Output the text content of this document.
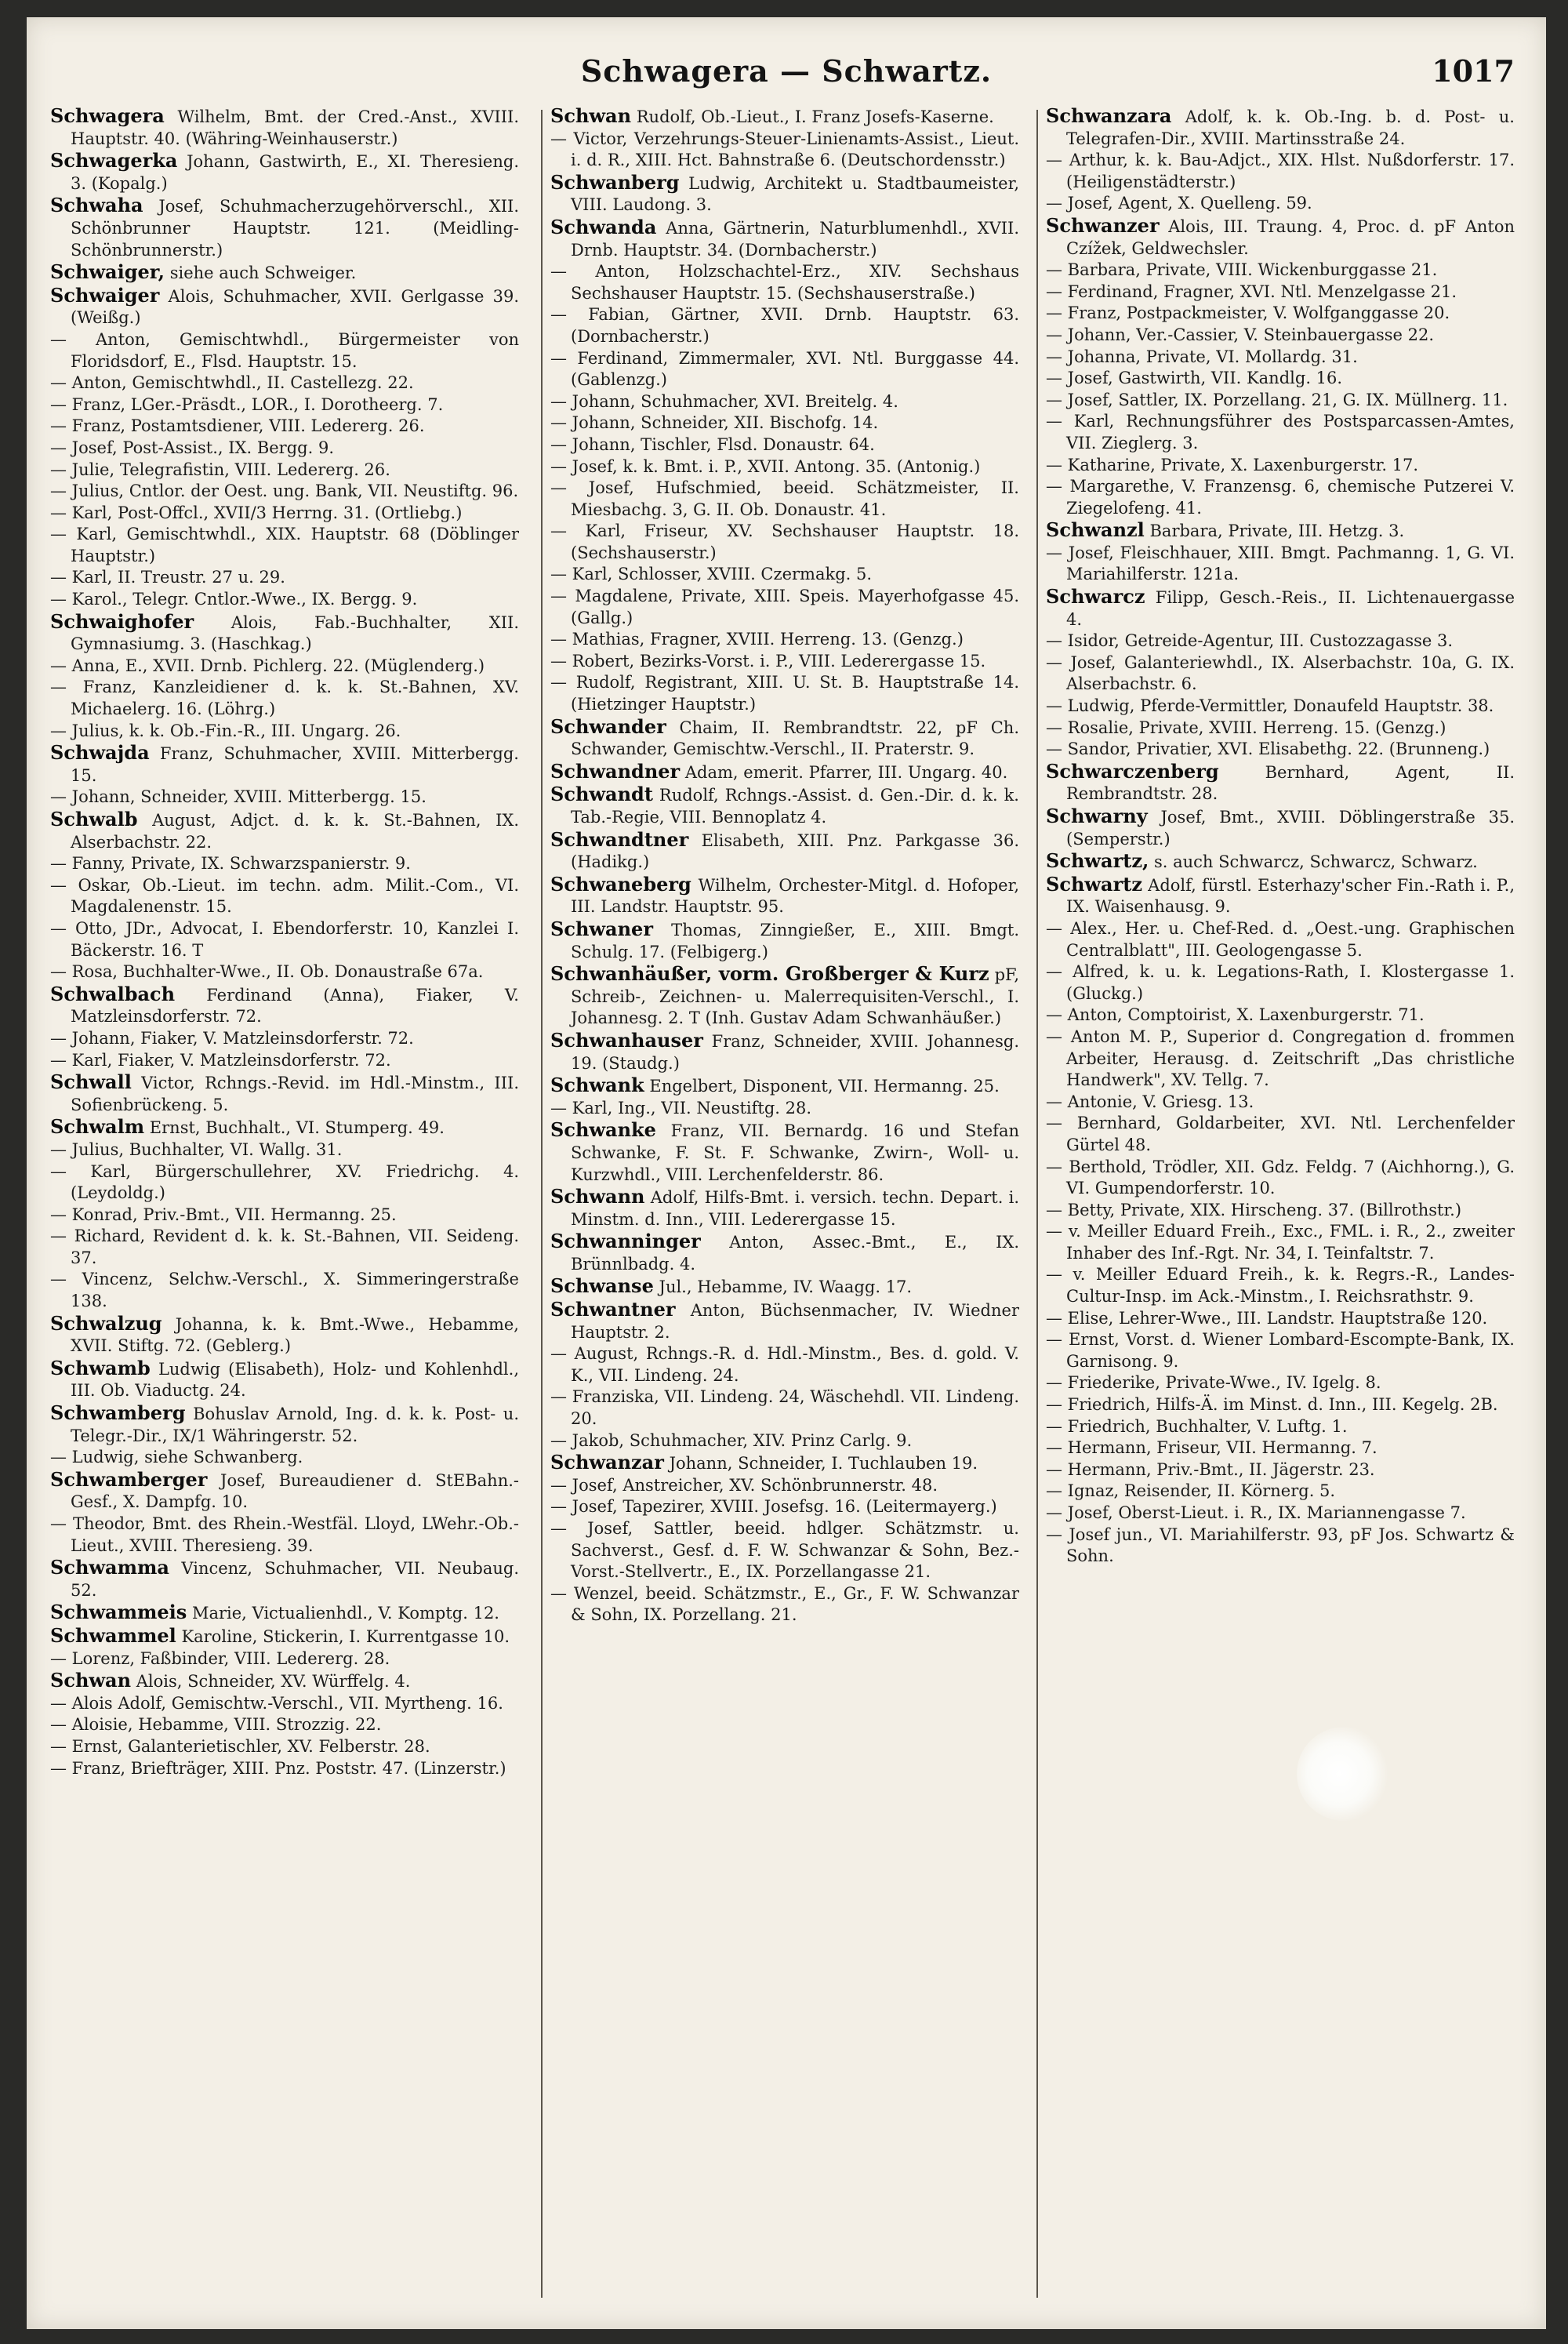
Schwagera — Schwartz.	1017

Schwagera Wilhelm, Bmt. der Cred.-Anst., XVIII. Hauptstr. 40. (Währing-Weinhauserstr.)

Schwagerka Johann, Gastwirth, E., XI. Theresieng. 3. (Kopalg.)

Schwaha Josef, Schuhmacherzugehörverschl., XII. Schönbrunner Hauptstr. 121. (Meidling-Schönbrunnerstr.)

Schwaiger, siehe auch Schweiger.

Schwaiger Alois, Schuhmacher, XVII. Gerlgasse 39. (Weißg.)

— Anton, Gemischtwhdl., Bürgermeister von Floridsdorf, E., Flsd. Hauptstr. 15.

— Anton, Gemischtwhdl., II. Castellezg. 22.

— Franz, LGer.-Präsdt., LOR., I. Dorotheerg. 7.

— Franz, Postamtsdiener, VIII. Ledererg. 26.

— Josef, Post-Assist., IX. Bergg. 9.

— Julie, Telegrafistin, VIII. Ledererg. 26.

— Julius, Cntlor. der Oest. ung. Bank, VII. Neustiftg. 96.

— Karl, Post-Offcl., XVII/3 Herrng. 31. (Ortliebg.)

— Karl, Gemischtwhdl., XIX. Hauptstr. 68 (Döblinger Hauptstr.)

— Karl, II. Treustr. 27 u. 29.

— Karol., Telegr. Cntlor.-Wwe., IX. Bergg. 9.

Schwaighofer Alois, Fab.-Buchhalter, XII. Gymnasiumg. 3. (Haschkag.)

— Anna, E., XVII. Drnb. Pichlerg. 22. (Müglenderg.)

— Franz, Kanzleidiener d. k. k. St.-Bahnen, XV. Michaelerg. 16. (Löhrg.)

— Julius, k. k. Ob.-Fin.-R., III. Ungarg. 26.

Schwajda Franz, Schuhmacher, XVIII. Mitterbergg. 15.

— Johann, Schneider, XVIII. Mitterbergg. 15.

Schwalb August, Adjct. d. k. k. St.-Bahnen, IX. Alserbachstr. 22.

— Fanny, Private, IX. Schwarzspanierstr. 9.

— Oskar, Ob.-Lieut. im techn. adm. Milit.-Com., VI. Magdalenenstr. 15.

— Otto, JDr., Advocat, I. Ebendorferstr. 10, Kanzlei I. Bäckerstr. 16. T

— Rosa, Buchhalter-Wwe., II. Ob. Donaustraße 67a.

Schwalbach Ferdinand (Anna), Fiaker, V. Matzleinsdorferstr. 72.

— Johann, Fiaker, V. Matzleinsdorferstr. 72.

— Karl, Fiaker, V. Matzleinsdorferstr. 72.

Schwall Victor, Rchngs.-Revid. im Hdl.-Minstm., III. Sofienbrückeng. 5.

Schwalm Ernst, Buchhalt., VI. Stumperg. 49.

— Julius, Buchhalter, VI. Wallg. 31.

— Karl, Bürgerschullehrer, XV. Friedrichg. 4. (Leydoldg.)

— Konrad, Priv.-Bmt., VII. Hermanng. 25.

— Richard, Revident d. k. k. St.-Bahnen, VII. Seideng. 37.

— Vincenz, Selchw.-Verschl., X. Simmeringerstraße 138.

Schwalzug Johanna, k. k. Bmt.-Wwe., Hebamme, XVII. Stiftg. 72. (Geblerg.)

Schwamb Ludwig (Elisabeth), Holz- und Kohlenhdl., III. Ob. Viaductg. 24.

Schwamberg Bohuslav Arnold, Ing. d. k. k. Post- u. Telegr.-Dir., IX/1 Währingerstr. 52.

— Ludwig, siehe Schwanberg.

Schwamberger Josef, Bureaudiener d. StEBahn.-Gesf., X. Dampfg. 10.

— Theodor, Bmt. des Rhein.-Westfäl. Lloyd, LWehr.-Ob.-Lieut., XVIII. Theresieng. 39.

Schwamma Vincenz, Schuhmacher, VII. Neubaug. 52.

Schwammeis Marie, Victualienhdl., V. Komptg. 12.

Schwammel Karoline, Stickerin, I. Kurrentgasse 10.

— Lorenz, Faßbinder, VIII. Ledererg. 28.

Schwan Alois, Schneider, XV. Würffelg. 4.

— Alois Adolf, Gemischtw.-Verschl., VII. Myrtheng. 16.

— Aloisie, Hebamme, VIII. Strozzig. 22.

— Ernst, Galanterietischler, XV. Felberstr. 28.

— Franz, Briefträger, XIII. Pnz. Poststr. 47. (Linzerstr.)

Schwan Rudolf, Ob.-Lieut., I. Franz Josefs-Kaserne.

— Victor, Verzehrungs-Steuer-Linienamts-Assist., Lieut. i. d. R., XIII. Hct. Bahnstraße 6. (Deutschordensstr.)

Schwanberg Ludwig, Architekt u. Stadtbaumeister, VIII. Laudong. 3.

Schwanda Anna, Gärtnerin, Naturblumenhdl., XVII. Drnb. Hauptstr. 34. (Dornbacherstr.)

— Anton, Holzschachtel-Erz., XIV. Sechshaus Sechshauser Hauptstr. 15. (Sechshauserstraße.)

— Fabian, Gärtner, XVII. Drnb. Hauptstr. 63. (Dornbacherstr.)

— Ferdinand, Zimmermaler, XVI. Ntl. Burggasse 44. (Gablenzg.)

— Johann, Schuhmacher, XVI. Breitelg. 4.

— Johann, Schneider, XII. Bischofg. 14.

— Johann, Tischler, Flsd. Donaustr. 64.

— Josef, k. k. Bmt. i. P., XVII. Antong. 35. (Antonig.)

— Josef, Hufschmied, beeid. Schätzmeister, II. Miesbachg. 3, G. II. Ob. Donaustr. 41.

— Karl, Friseur, XV. Sechshauser Hauptstr. 18. (Sechshauserstr.)

— Karl, Schlosser, XVIII. Czermakg. 5.

— Magdalene, Private, XIII. Speis. Mayerhofgasse 45. (Gallg.)

— Mathias, Fragner, XVIII. Herreng. 13. (Genzg.)

— Robert, Bezirks-Vorst. i. P., VIII. Lederergasse 15.

— Rudolf, Registrant, XIII. U. St. B. Hauptstraße 14. (Hietzinger Hauptstr.)

Schwander Chaim, II. Rembrandtstr. 22, pF Ch. Schwander, Gemischtw.-Verschl., II. Praterstr. 9.

Schwandner Adam, emerit. Pfarrer, III. Ungarg. 40.

Schwandt Rudolf, Rchngs.-Assist. d. Gen.-Dir. d. k. k. Tab.-Regie, VIII. Bennoplatz 4.

Schwandtner Elisabeth, XIII. Pnz. Parkgasse 36. (Hadikg.)

Schwaneberg Wilhelm, Orchester-Mitgl. d. Hofoper, III. Landstr. Hauptstr. 95.

Schwaner Thomas, Zinngießer, E., XIII. Bmgt. Schulg. 17. (Felbigerg.)

Schwanhäußer, vorm. Großberger & Kurz pF, Schreib-, Zeichnen- u. Malerrequisiten-Verschl., I. Johannesg. 2. T (Inh. Gustav Adam Schwanhäußer.)

Schwanhauser Franz, Schneider, XVIII. Johannesg. 19. (Staudg.)

Schwank Engelbert, Disponent, VII. Hermanng. 25.

— Karl, Ing., VII. Neustiftg. 28.

Schwanke Franz, VII. Bernardg. 16 und Stefan Schwanke, F. St. F. Schwanke, Zwirn-, Woll- u. Kurzwhdl., VIII. Lerchenfelderstr. 86.

Schwann Adolf, Hilfs-Bmt. i. versich. techn. Depart. i. Minstm. d. Inn., VIII. Lederergasse 15.

Schwanninger Anton, Assec.-Bmt., E., IX. Brünnlbadg. 4.

Schwanse Jul., Hebamme, IV. Waagg. 17.

Schwantner Anton, Büchsenmacher, IV. Wiedner Hauptstr. 2.

— August, Rchngs.-R. d. Hdl.-Minstm., Bes. d. gold. V. K., VII. Lindeng. 24.

— Franziska, VII. Lindeng. 24, Wäschehdl. VII. Lindeng. 20.

— Jakob, Schuhmacher, XIV. Prinz Carlg. 9.

Schwanzar Johann, Schneider, I. Tuchlauben 19.

— Josef, Anstreicher, XV. Schönbrunnerstr. 48.

— Josef, Tapezirer, XVIII. Josefsg. 16. (Leitermayerg.)

— Josef, Sattler, beeid. hdlger. Schätzmstr. u. Sachverst., Gesf. d. F. W. Schwanzar & Sohn, Bez.-Vorst.-Stellvertr., E., IX. Porzellangasse 21.

— Wenzel, beeid. Schätzmstr., E., Gr., F. W. Schwanzar & Sohn, IX. Porzellang. 21.

Schwanzara Adolf, k. k. Ob.-Ing. b. d. Post- u. Telegrafen-Dir., XVIII. Martinsstraße 24.

— Arthur, k. k. Bau-Adjct., XIX. Hlst. Nußdorferstr. 17. (Heiligenstädterstr.)

— Josef, Agent, X. Quelleng. 59.

Schwanzer Alois, III. Traung. 4, Proc. d. pF Anton Czížek, Geldwechsler.

— Barbara, Private, VIII. Wickenburggasse 21.

— Ferdinand, Fragner, XVI. Ntl. Menzelgasse 21.

— Franz, Postpackmeister, V. Wolfganggasse 20.

— Johann, Ver.-Cassier, V. Steinbauergasse 22.

— Johanna, Private, VI. Mollardg. 31.

— Josef, Gastwirth, VII. Kandlg. 16.

— Josef, Sattler, IX. Porzellang. 21, G. IX. Müllnerg. 11.

— Karl, Rechnungsführer des Postsparcassen-Amtes, VII. Zieglerg. 3.

— Katharine, Private, X. Laxenburgerstr. 17.

— Margarethe, V. Franzensg. 6, chemische Putzerei V. Ziegelofeng. 41.

Schwanzl Barbara, Private, III. Hetzg. 3.

— Josef, Fleischhauer, XIII. Bmgt. Pachmanng. 1, G. VI. Mariahilferstr. 121a.

Schwarcz Filipp, Gesch.-Reis., II. Lichtenauergasse 4.

— Isidor, Getreide-Agentur, III. Custozzagasse 3.

— Josef, Galanteriewhdl., IX. Alserbachstr. 10a, G. IX. Alserbachstr. 6.

— Ludwig, Pferde-Vermittler, Donaufeld Hauptstr. 38.

— Rosalie, Private, XVIII. Herreng. 15. (Genzg.)

— Sandor, Privatier, XVI. Elisabethg. 22. (Brunneng.)

Schwarczenberg Bernhard, Agent, II. Rembrandtstr. 28.

Schwarny Josef, Bmt., XVIII. Döblingerstraße 35. (Semperstr.)

Schwartz, s. auch Schwarcz, Schwarcz, Schwarz.

Schwartz Adolf, fürstl. Esterhazy'scher Fin.-Rath i. P., IX. Waisenhausg. 9.

— Alex., Her. u. Chef-Red. d. „Oest.-ung. Graphischen Centralblatt", III. Geologengasse 5.

— Alfred, k. u. k. Legations-Rath, I. Klostergasse 1. (Gluckg.)

— Anton, Comptoirist, X. Laxenburgerstr. 71.

— Anton M. P., Superior d. Congregation d. frommen Arbeiter, Herausg. d. Zeitschrift „Das christliche Handwerk", XV. Tellg. 7.

— Antonie, V. Griesg. 13.

— Bernhard, Goldarbeiter, XVI. Ntl. Lerchenfelder Gürtel 48.

— Berthold, Trödler, XII. Gdz. Feldg. 7 (Aichhorng.), G. VI. Gumpendorferstr. 10.

— Betty, Private, XIX. Hirscheng. 37. (Billrothstr.)

— v. Meiller Eduard Freih., Exc., FML. i. R., 2., zweiter Inhaber des Inf.-Rgt. Nr. 34, I. Teinfaltstr. 7.

— v. Meiller Eduard Freih., k. k. Regrs.-R., Landes-Cultur-Insp. im Ack.-Minstm., I. Reichsrathstr. 9.

— Elise, Lehrer-Wwe., III. Landstr. Hauptstraße 120.

— Ernst, Vorst. d. Wiener Lombard-Escompte-Bank, IX. Garnisong. 9.

— Friederike, Private-Wwe., IV. Igelg. 8.

— Friedrich, Hilfs-Ä. im Minst. d. Inn., III. Kegelg. 2B.

— Friedrich, Buchhalter, V. Luftg. 1.

— Hermann, Friseur, VII. Hermanng. 7.

— Hermann, Priv.-Bmt., II. Jägerstr. 23.

— Ignaz, Reisender, II. Körnerg. 5.

— Josef, Oberst-Lieut. i. R., IX. Mariannengasse 7.

— Josef jun., VI. Mariahilferstr. 93, pF Jos. Schwartz & Sohn.
